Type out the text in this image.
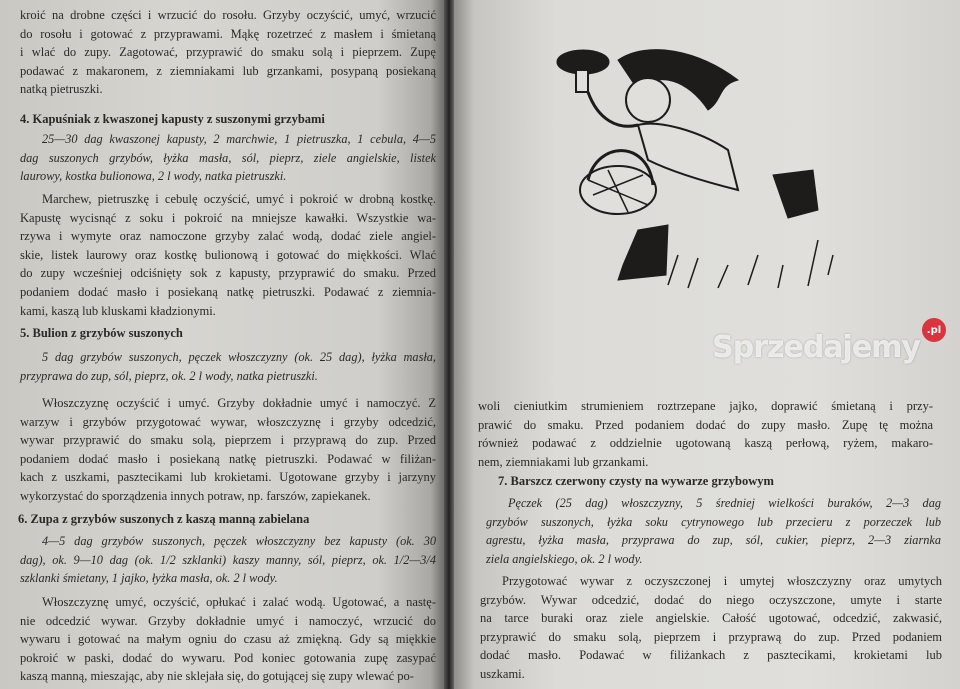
kroić na drobne części i wrzucić do rosołu. Grzyby oczyścić, umyć, wrzucić
do rosołu i gotować z przyprawami. Mąkę rozetrzeć z masłem i śmietaną
i wlać do zupy. Zagotować, przyprawić do smaku solą i pieprzem. Zupę
podawać z makaronem, z ziemniakami lub grzankami, posypaną posiekaną
natką pietruszki.
4. Kapuśniak z kwaszonej kapusty z suszonymi grzybami
25—30 dag kwaszonej kapusty, 2 marchwie, 1 pietruszka, 1 cebula, 4—5
dag suszonych grzybów, łyżka masła, sól, pieprz, ziele angielskie, listek
laurowy, kostka bulionowa, 2 l wody, natka pietruszki.
Marchew, pietruszkę i cebulę oczyścić, umyć i pokroić w drobną kostkę.
Kapustę wycisnąć z soku i pokroić na mniejsze kawałki. Wszystkie wa-
rzywa i wymyte oraz namoczone grzyby zalać wodą, dodać ziele angiel-
skie, listek laurowy oraz kostkę bulionową i gotować do miękkości. Wlać
do zupy wcześniej odciśnięty sok z kapusty, przyprawić do smaku. Przed
podaniem dodać masło i posiekaną natkę pietruszki. Podawać z ziemnia-
kami, kaszą lub kluskami kładzionymi.
5. Bulion z grzybów suszonych
5 dag grzybów suszonych, pęczek włoszczyzny (ok. 25 dag), łyżka masła,
przyprawa do zup, sól, pieprz, ok. 2 l wody, natka pietruszki.
Włoszczyznę oczyścić i umyć. Grzyby dokładnie umyć i namoczyć. Z
warzyw i grzybów przygotować wywar, włoszczyznę i grzyby odcedzić,
wywar przyprawić do smaku solą, pieprzem i przyprawą do zup. Przed
podaniem dodać masło i posiekaną natkę pietruszki. Podawać w filiżan-
kach z uszkami, pasztecikami lub krokietami. Ugotowane grzyby i jarzyny
wykorzystać do sporządzenia innych potraw, np. farszów, zapiekanek.
6. Zupa z grzybów suszonych z kaszą manną zabielana
4—5 dag grzybów suszonych, pęczek włoszczyzny bez kapusty (ok. 30
dag), ok. 9—10 dag (ok. 1/2 szklanki) kaszy manny, sól, pieprz, ok. 1/2—3/4
szklanki śmietany, 1 jajko, łyżka masła, ok. 2 l wody.
Włoszczyznę umyć, oczyścić, opłukać i zalać wodą. Ugotować, a nastę-
nie odcedzić wywar. Grzyby dokładnie umyć i namoczyć, wrzucić do
wywaru i gotować na małym ogniu do czasu aż zmiękną. Gdy są miękkie
pokroić w paski, dodać do wywaru. Pod koniec gotowania zupę zasypać
kaszą manną, mieszając, aby nie sklejała się, do gotującej się zupy wlewać po-
woli cieniutkim strumieniem roztrzepane jajko, doprawić śmietaną i przy-
prawić do smaku. Przed podaniem dodać do zupy masło. Zupę tę można
również podawać z oddzielnie ugotowaną kaszą perłową, ryżem, makaro-
nem, ziemniakami lub grzankami.
7. Barszcz czerwony czysty na wywarze grzybowym
Pęczek (25 dag) włoszczyzny, 5 średniej wielkości buraków, 2—3 dag
grzybów suszonych, łyżka soku cytrynowego lub przecieru z porzeczek lub
agrestu, łyżka masła, przyprawa do zup, sól, cukier, pieprz, 2—3 ziarnka
ziela angielskiego, ok. 2 l wody.
Przygotować wywar z oczyszczonej i umytej włoszczyzny oraz umytych
grzybów. Wywar odcedzić, dodać do niego oczyszczone, umyte i starte
na tarce buraki oraz ziele angielskie. Całość ugotować, odcedzić, zakwasić,
przyprawić do smaku solą, pieprzem i przyprawą do zup. Przed podaniem
dodać masło. Podawać w filiżankach z pasztecikami, krokietami lub
uszkami.
Sprzedajemy .pl
